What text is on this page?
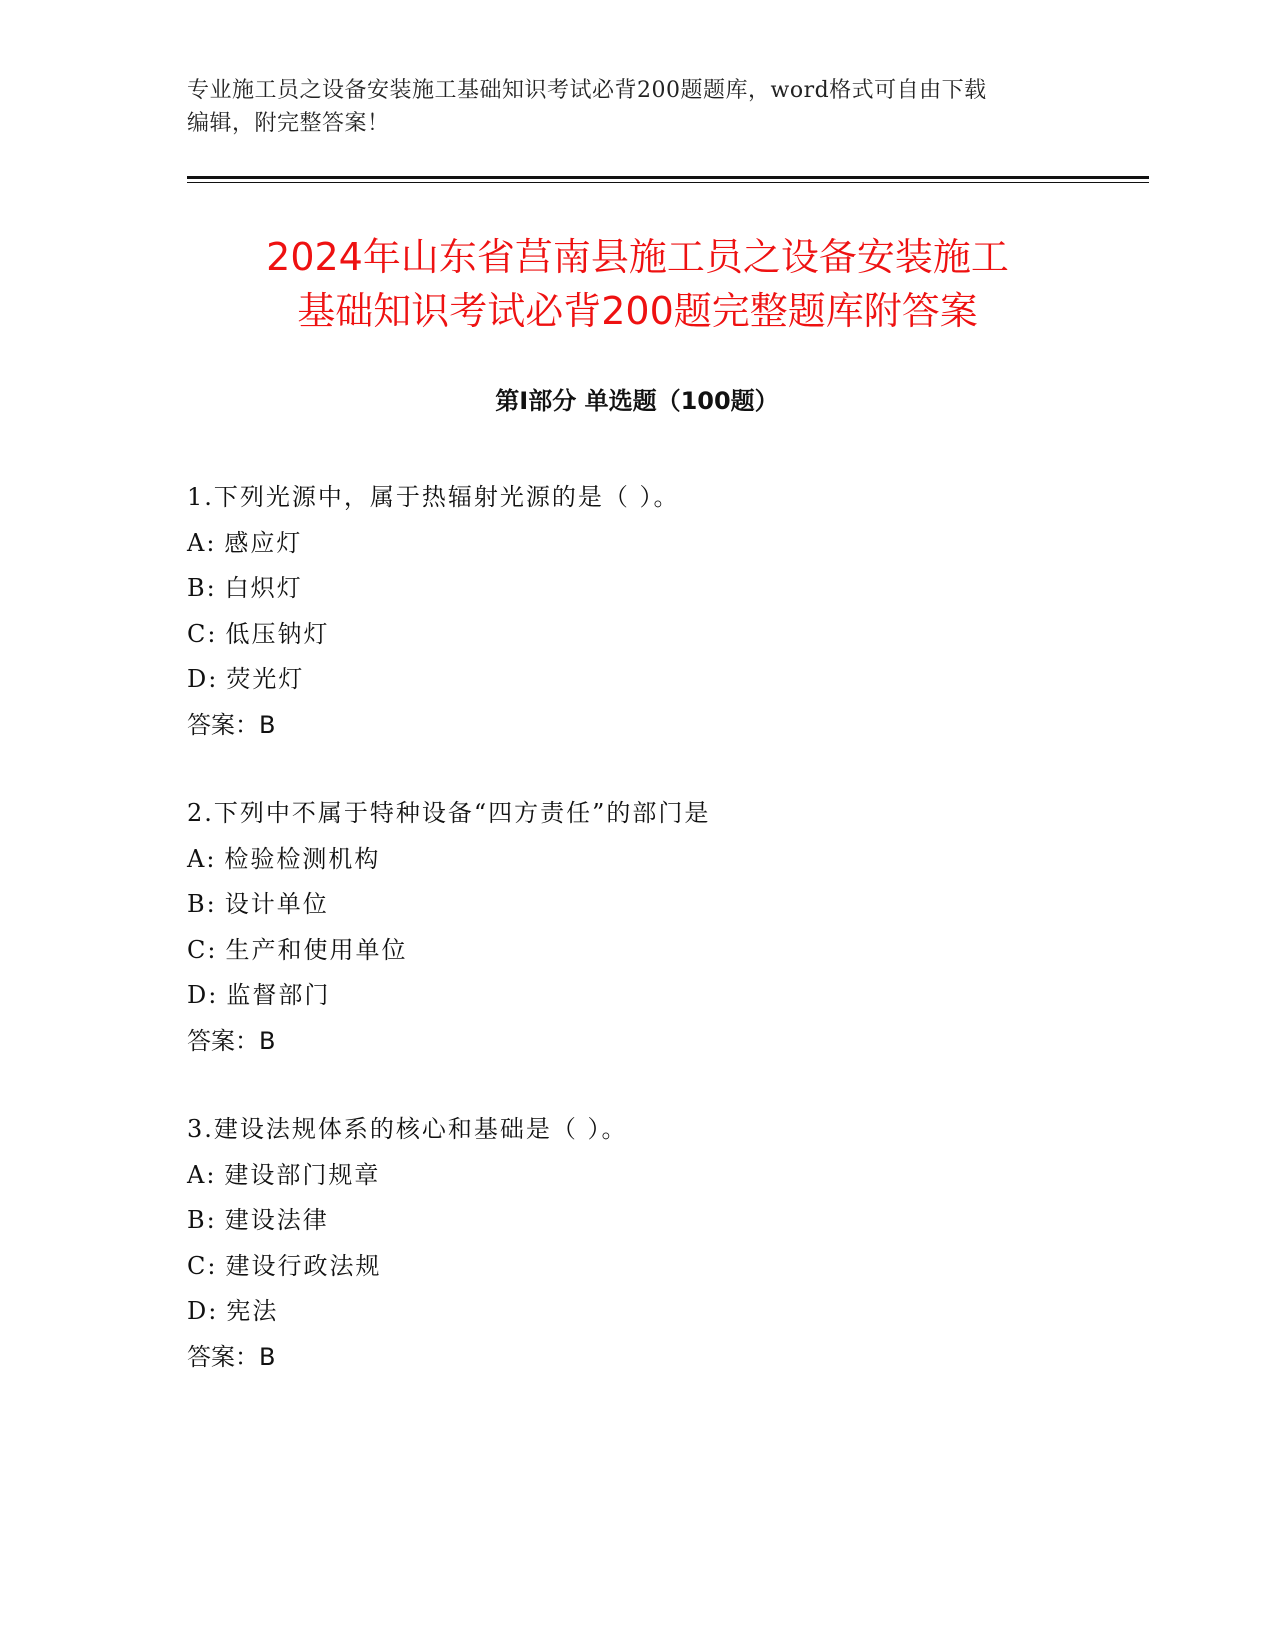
专业施工员之设备安装施工基础知识考试必背200题题库，word格式可自由下载
编辑，附完整答案！
2024年山东省莒南县施工员之设备安装施工
基础知识考试必背200题完整题库附答案
第Ⅰ部分 单选题（100题）
1.下列光源中，属于热辐射光源的是（ ）。
A: 感应灯
B: 白炽灯
C: 低压钠灯
D: 荧光灯
答案：B
2.下列中不属于特种设备“四方责任”的部门是
A: 检验检测机构
B: 设计单位
C: 生产和使用单位
D: 监督部门
答案：B
3.建设法规体系的核心和基础是（ ）。
A: 建设部门规章
B: 建设法律
C: 建设行政法规
D: 宪法
答案：B
